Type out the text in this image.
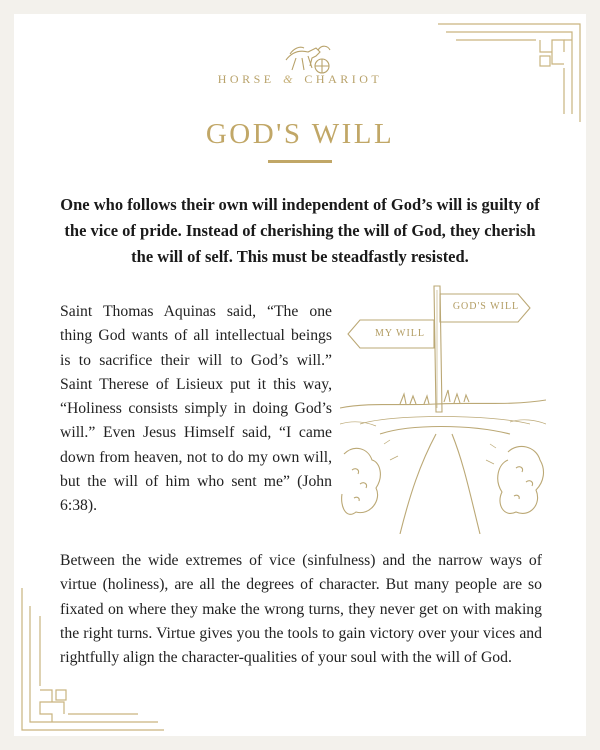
HORSE & CHARIOT
GOD'S WILL
One who follows their own will independent of God’s will is guilty of the vice of pride. Instead of cherishing the will of God, they cherish the will of self. This must be steadfastly resisted.
Saint Thomas Aquinas said, “The one thing God wants of all intellectual beings is to sacrifice their will to God’s will.” Saint Therese of Lisieux put it this way, “Holiness consists simply in doing God’s will.” Even Jesus Himself said, “I came down from heaven, not to do my own will, but the will of him who sent me” (John 6:38).
GOD'S WILL
MY WILL
Between the wide extremes of vice (sinfulness) and the narrow ways of virtue (holiness), are all the degrees of character. But many people are so fixated on where they make the wrong turns, they never get on with making the right turns. Virtue gives you the tools to gain victory over your vices and rightfully align the character-qualities of your soul with the will of God.
